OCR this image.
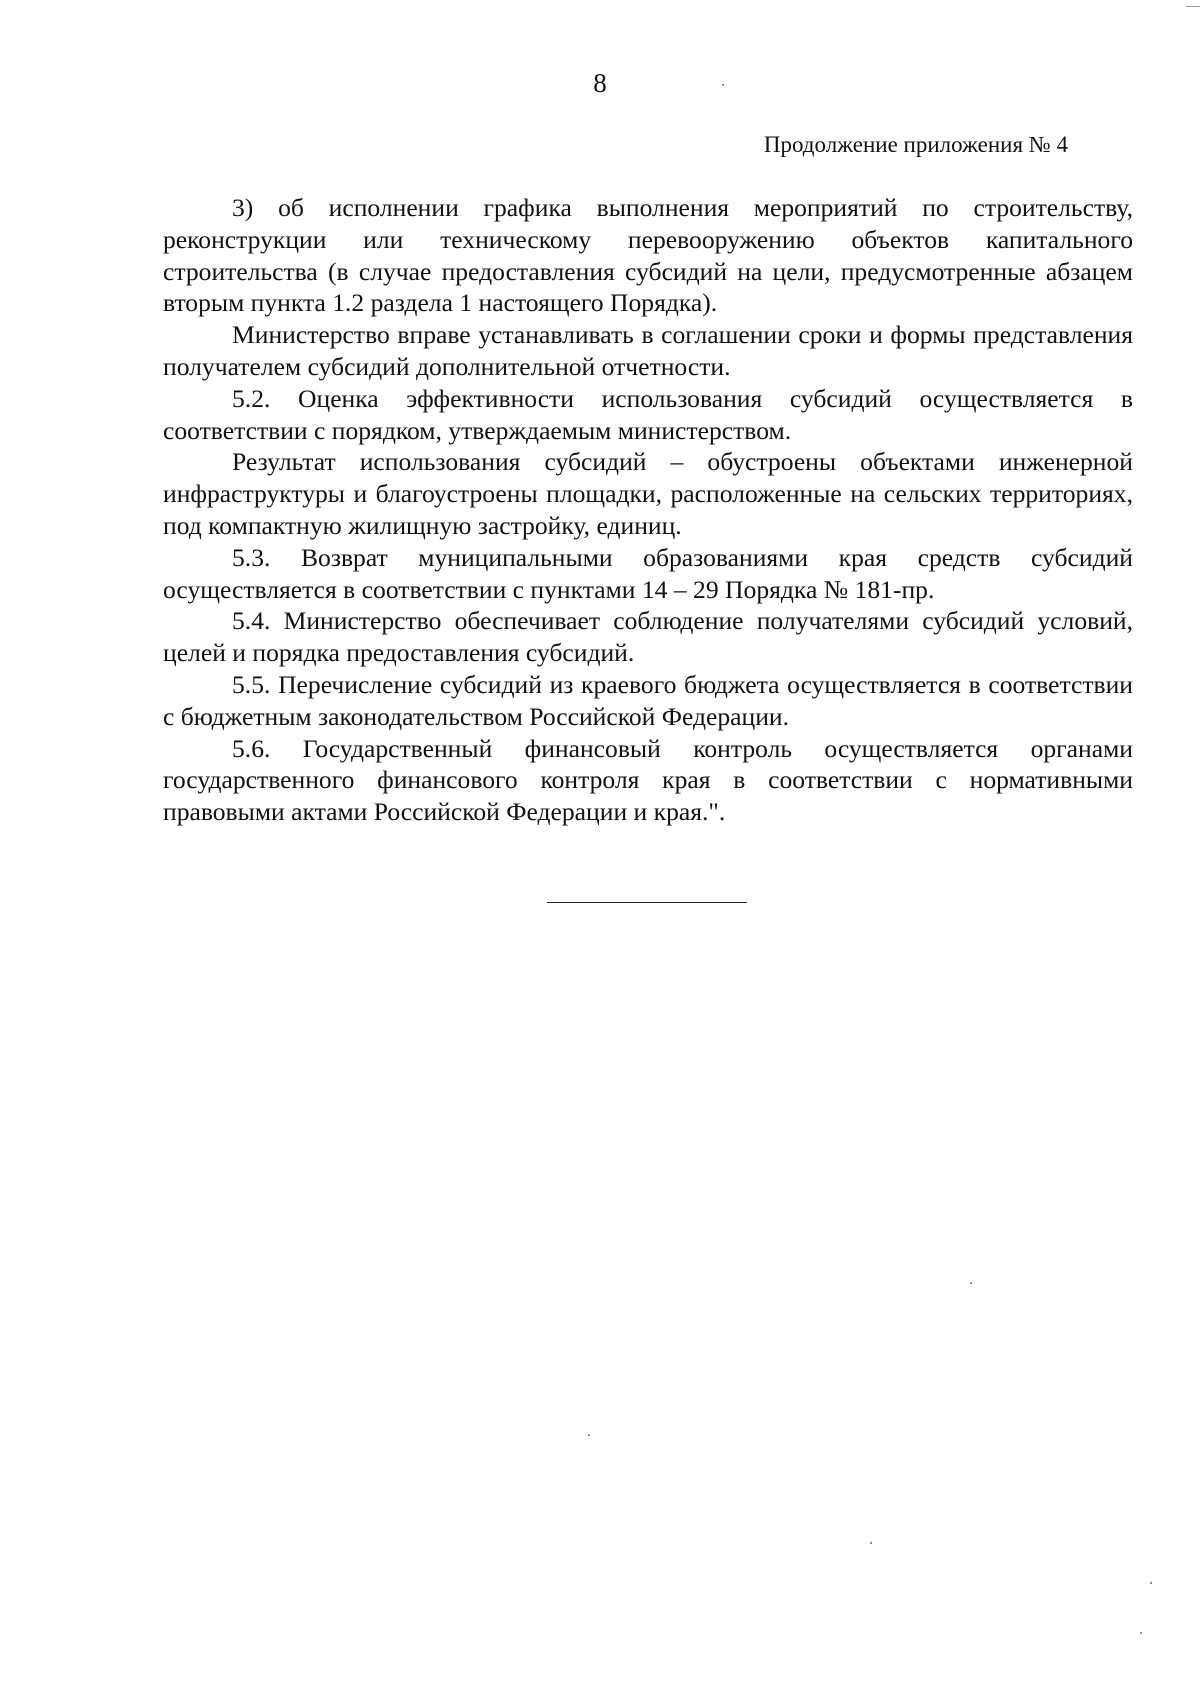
8
Продолжение приложения № 4

3) об исполнении графика выполнения мероприятий по строительству, реконструкции или техническому перевооружению объектов капитального строительства (в случае предоставления субсидий на цели, предусмотренные абзацем вторым пункта 1.2 раздела 1 настоящего Порядка).

Министерство вправе устанавливать в соглашении сроки и формы представления получателем субсидий дополнительной отчетности.

5.2. Оценка эффективности использования субсидий осуществляется в соответствии с порядком, утверждаемым министерством.

Результат использования субсидий – обустроены объектами инженерной инфраструктуры и благоустроены площадки, расположенные на сельских территориях, под компактную жилищную застройку, единиц.

5.3. Возврат муниципальными образованиями края средств субсидий осуществляется в соответствии с пунктами 14 – 29 Порядка № 181-пр.

5.4. Министерство обеспечивает соблюдение получателями субсидий условий, целей и порядка предоставления субсидий.

5.5. Перечисление субсидий из краевого бюджета осуществляется в соответствии с бюджетным законодательством Российской Федерации.

5.6. Государственный финансовый контроль осуществляется органами государственного финансового контроля края в соответствии с нормативными правовыми актами Российской Федерации и края.".
